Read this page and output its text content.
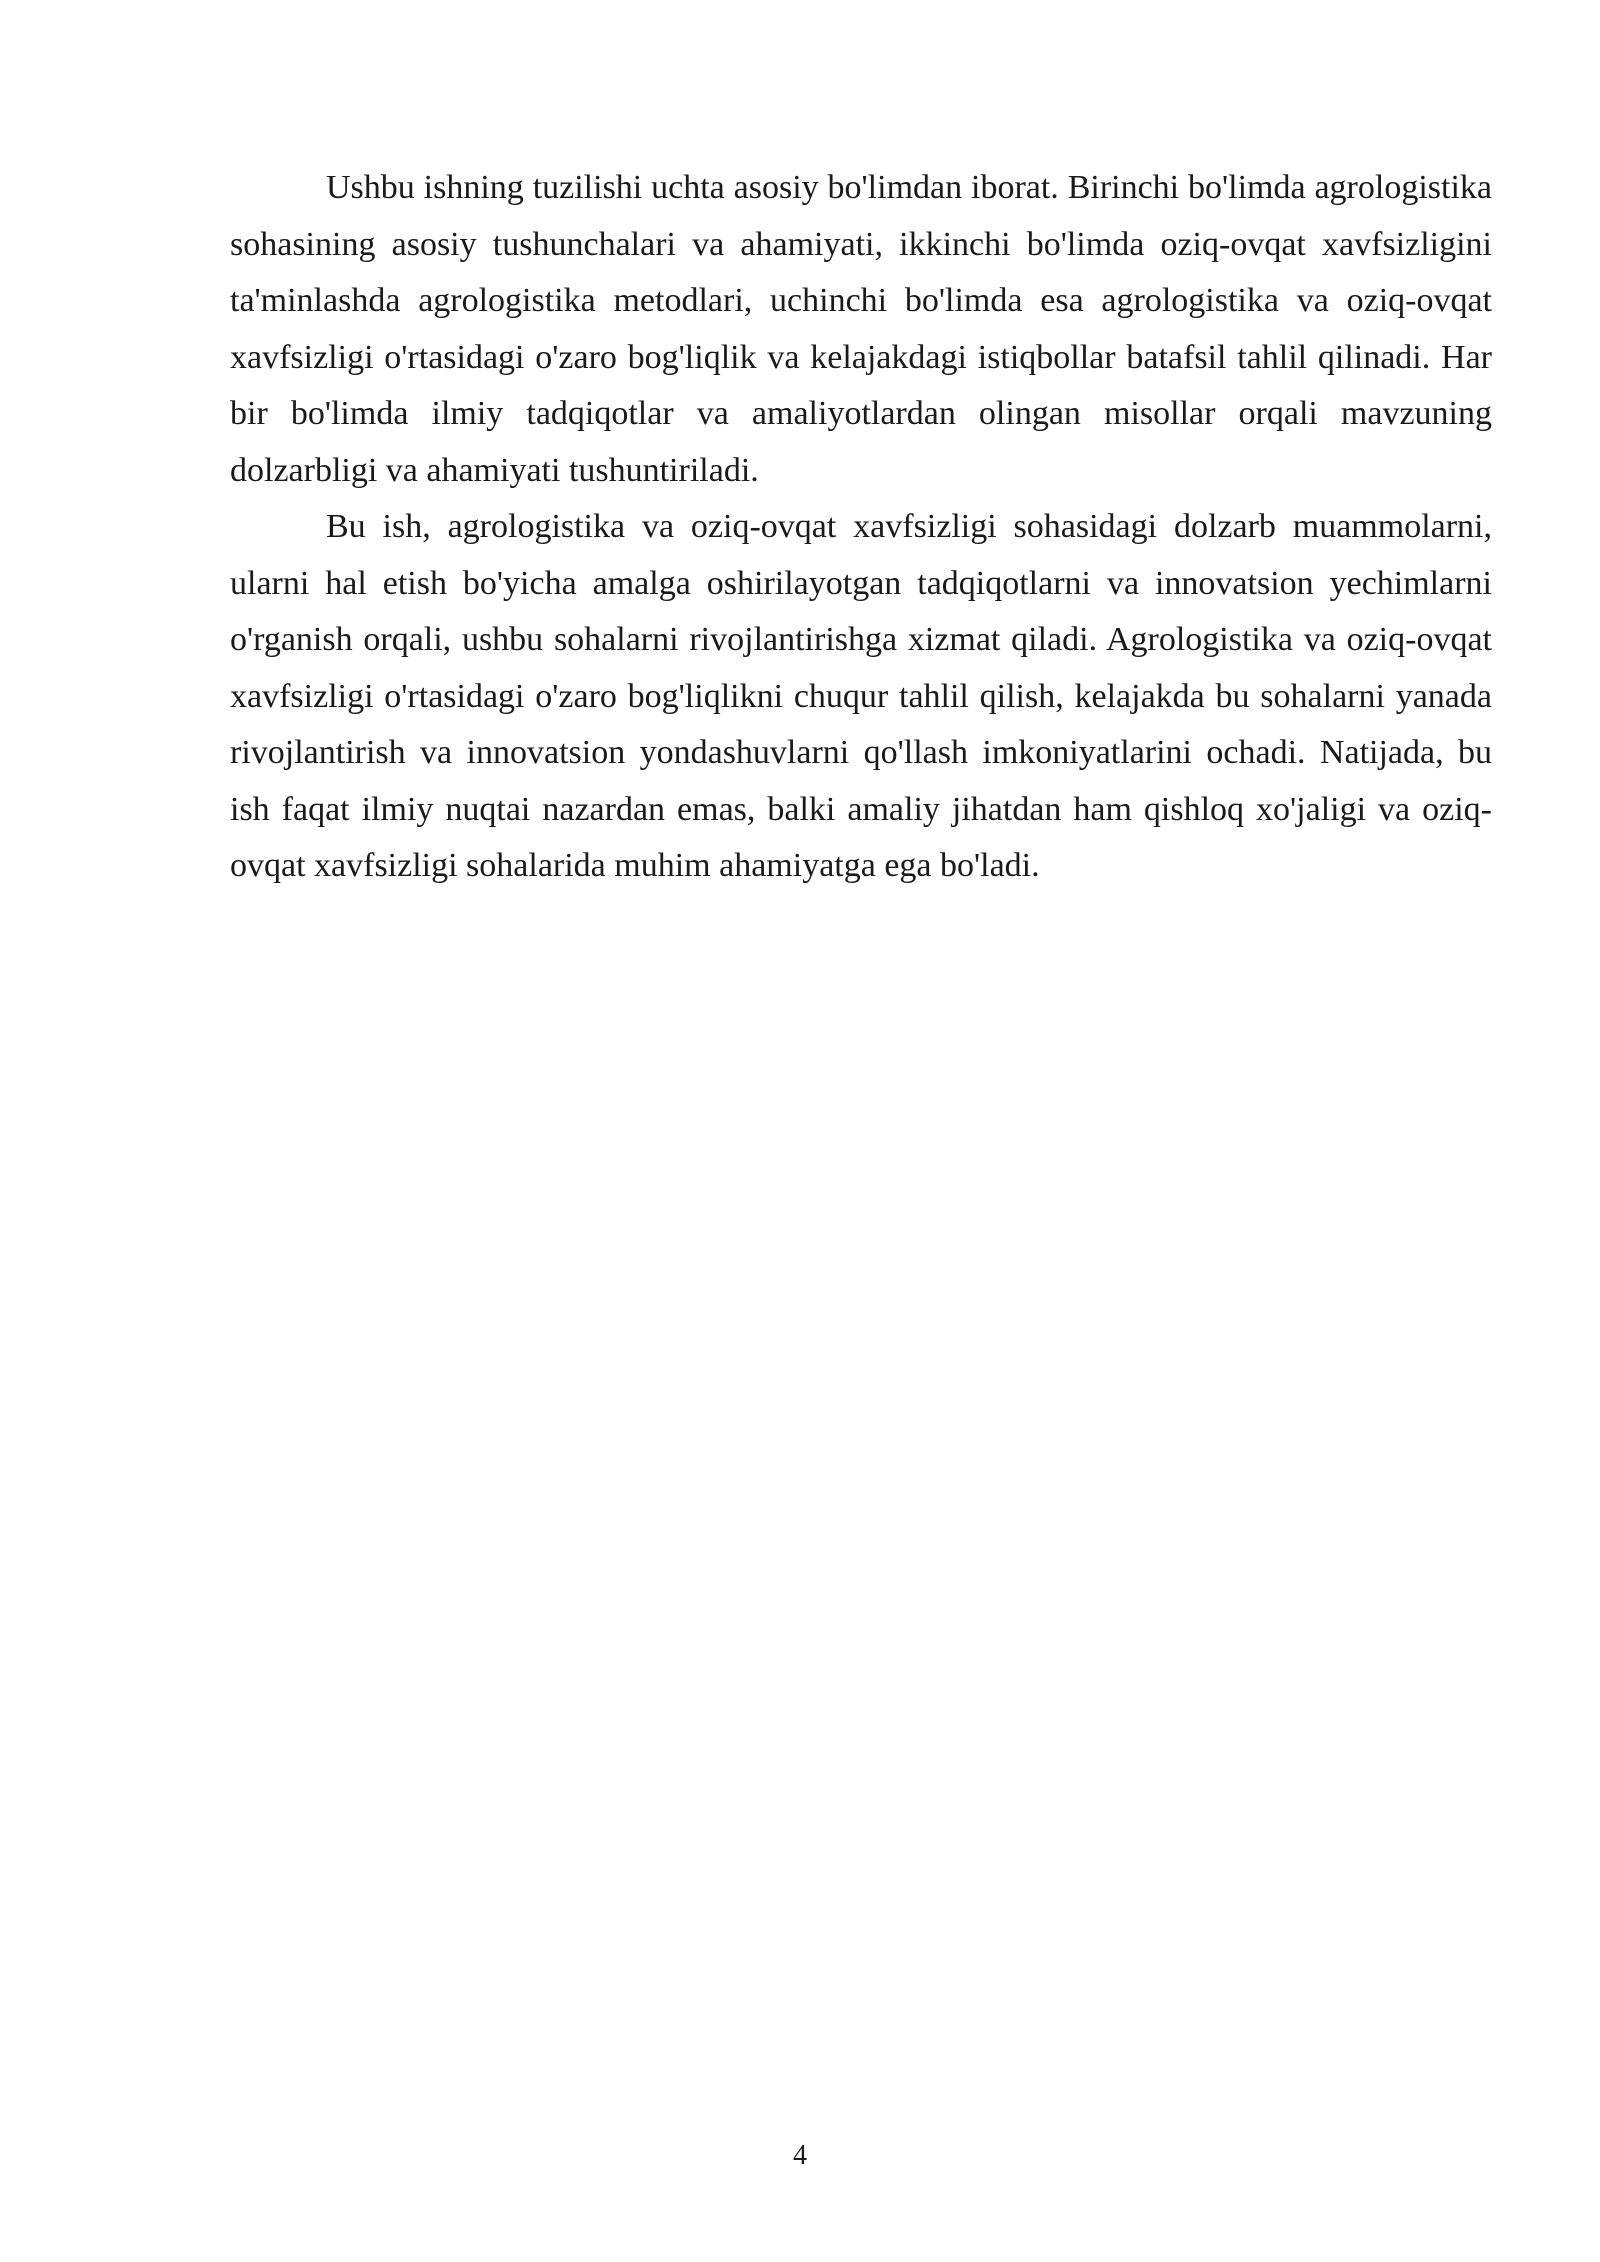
Ushbu ishning tuzilishi uchta asosiy bo'limdan iborat. Birinchi bo'limda agrologistika sohasining asosiy tushunchalari va ahamiyati, ikkinchi bo'limda oziq-ovqat xavfsizligini ta'minlashda agrologistika metodlari, uchinchi bo'limda esa agrologistika va oziq-ovqat xavfsizligi o'rtasidagi o'zaro bog'liqlik va kelajakdagi istiqbollar batafsil tahlil qilinadi. Har bir bo'limda ilmiy tadqiqotlar va amaliyotlardan olingan misollar orqali mavzuning dolzarbligi va ahamiyati tushuntiriladi.

Bu ish, agrologistika va oziq-ovqat xavfsizligi sohasidagi dolzarb muammolarni, ularni hal etish bo'yicha amalga oshirilayotgan tadqiqotlarni va innovatsion yechimlarni o'rganish orqali, ushbu sohalarni rivojlantirishga xizmat qiladi. Agrologistika va oziq-ovqat xavfsizligi o'rtasidagi o'zaro bog'liqlikni chuqur tahlil qilish, kelajakda bu sohalarni yanada rivojlantirish va innovatsion yondashuvlarni qo'llash imkoniyatlarini ochadi. Natijada, bu ish faqat ilmiy nuqtai nazardan emas, balki amaliy jihatdan ham qishloq xo'jaligi va oziq-ovqat xavfsizligi sohalarida muhim ahamiyatga ega bo'ladi.

4
